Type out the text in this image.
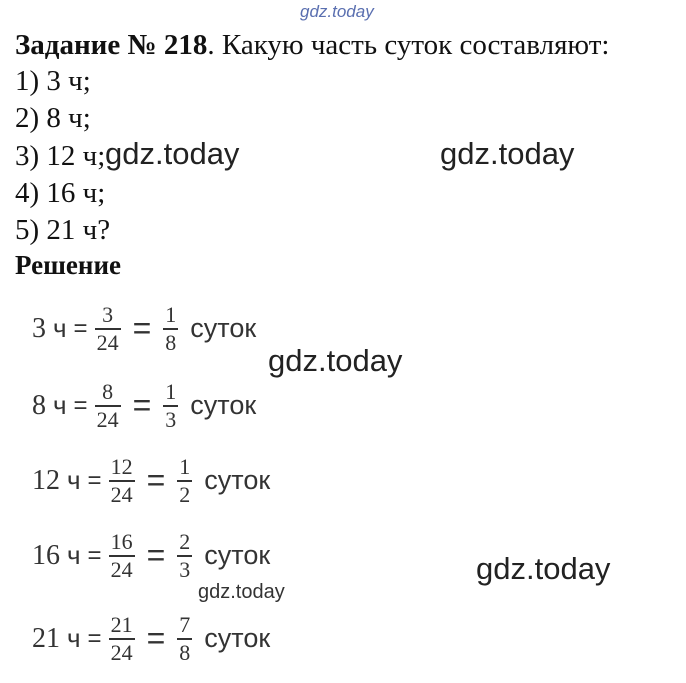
gdz.today
Задание № 218. Какую часть суток составляют:
1) 3 ч;
2) 8 ч;
3) 12 ч;
4) 16 ч;
5) 21 ч?
Решение
3 $ч = \frac{3}{24} = \frac{1}{8}$ суток
8 $ч = \frac{8}{24} = \frac{1}{3}$ суток
12 $ч = \frac{12}{24} = \frac{1}{2}$ суток
16 $ч = \frac{16}{24} = \frac{2}{3}$ суток
21 $ч = \frac{21}{24} = \frac{7}{8}$ суток
gdz.today	gdz.today
gdz.today
gdz.today
gdz.today
